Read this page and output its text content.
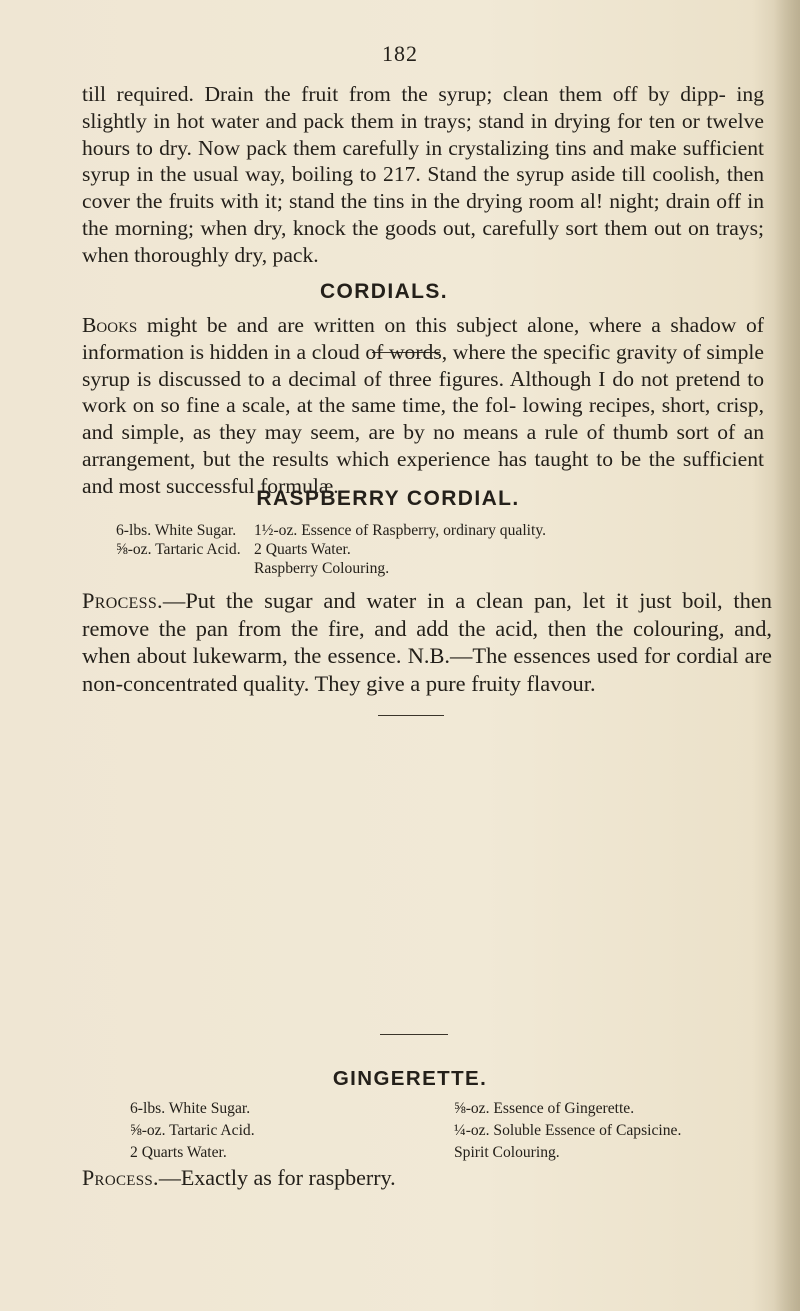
182

till required. Drain the fruit from the syrup; clean them off by dipp- ing slightly in hot water and pack them in trays; stand in drying for ten or twelve hours to dry. Now pack them carefully in crystalizing tins and make sufficient syrup in the usual way, boiling to 217. Stand the syrup aside till coolish, then cover the fruits with it; stand the tins in the drying room al! night; drain off in the morning; when dry, knock the goods out, carefully sort them out on trays; when thoroughly dry, pack.

CORDIALS.

Books might be and are written on this subject alone, where a shadow of information is hidden in a cloud of words, where the specific gravity of simple syrup is discussed to a decimal of three figures. Although I do not pretend to work on so fine a scale, at the same time, the fol- lowing recipes, short, crisp, and simple, as they may seem, are by no means a rule of thumb sort of an arrangement, but the results which experience has taught to be the sufficient and most successful formulæ.

RASPBERRY CORDIAL.
6-lbs. White Sugar.
⅝-oz. Tartaric Acid.
1½-oz. Essence of Raspberry, ordinary quality.
2 Quarts Water.
Raspberry Colouring.

Process.—Put the sugar and water in a clean pan, let it just boil, then remove the pan from the fire, and add the acid, then the colouring, and, when about lukewarm, the essence. N.B.—The essences used for cordial are non-concentrated quality. They give a pure fruity flavour.

GINGERETTE.
6-lbs. White Sugar.
⅝-oz. Tartaric Acid.
2 Quarts Water.
⅝-oz. Essence of Gingerette.
¼-oz. Soluble Essence of Capsicine.
Spirit Colouring.
Process.—Exactly as for raspberry.
